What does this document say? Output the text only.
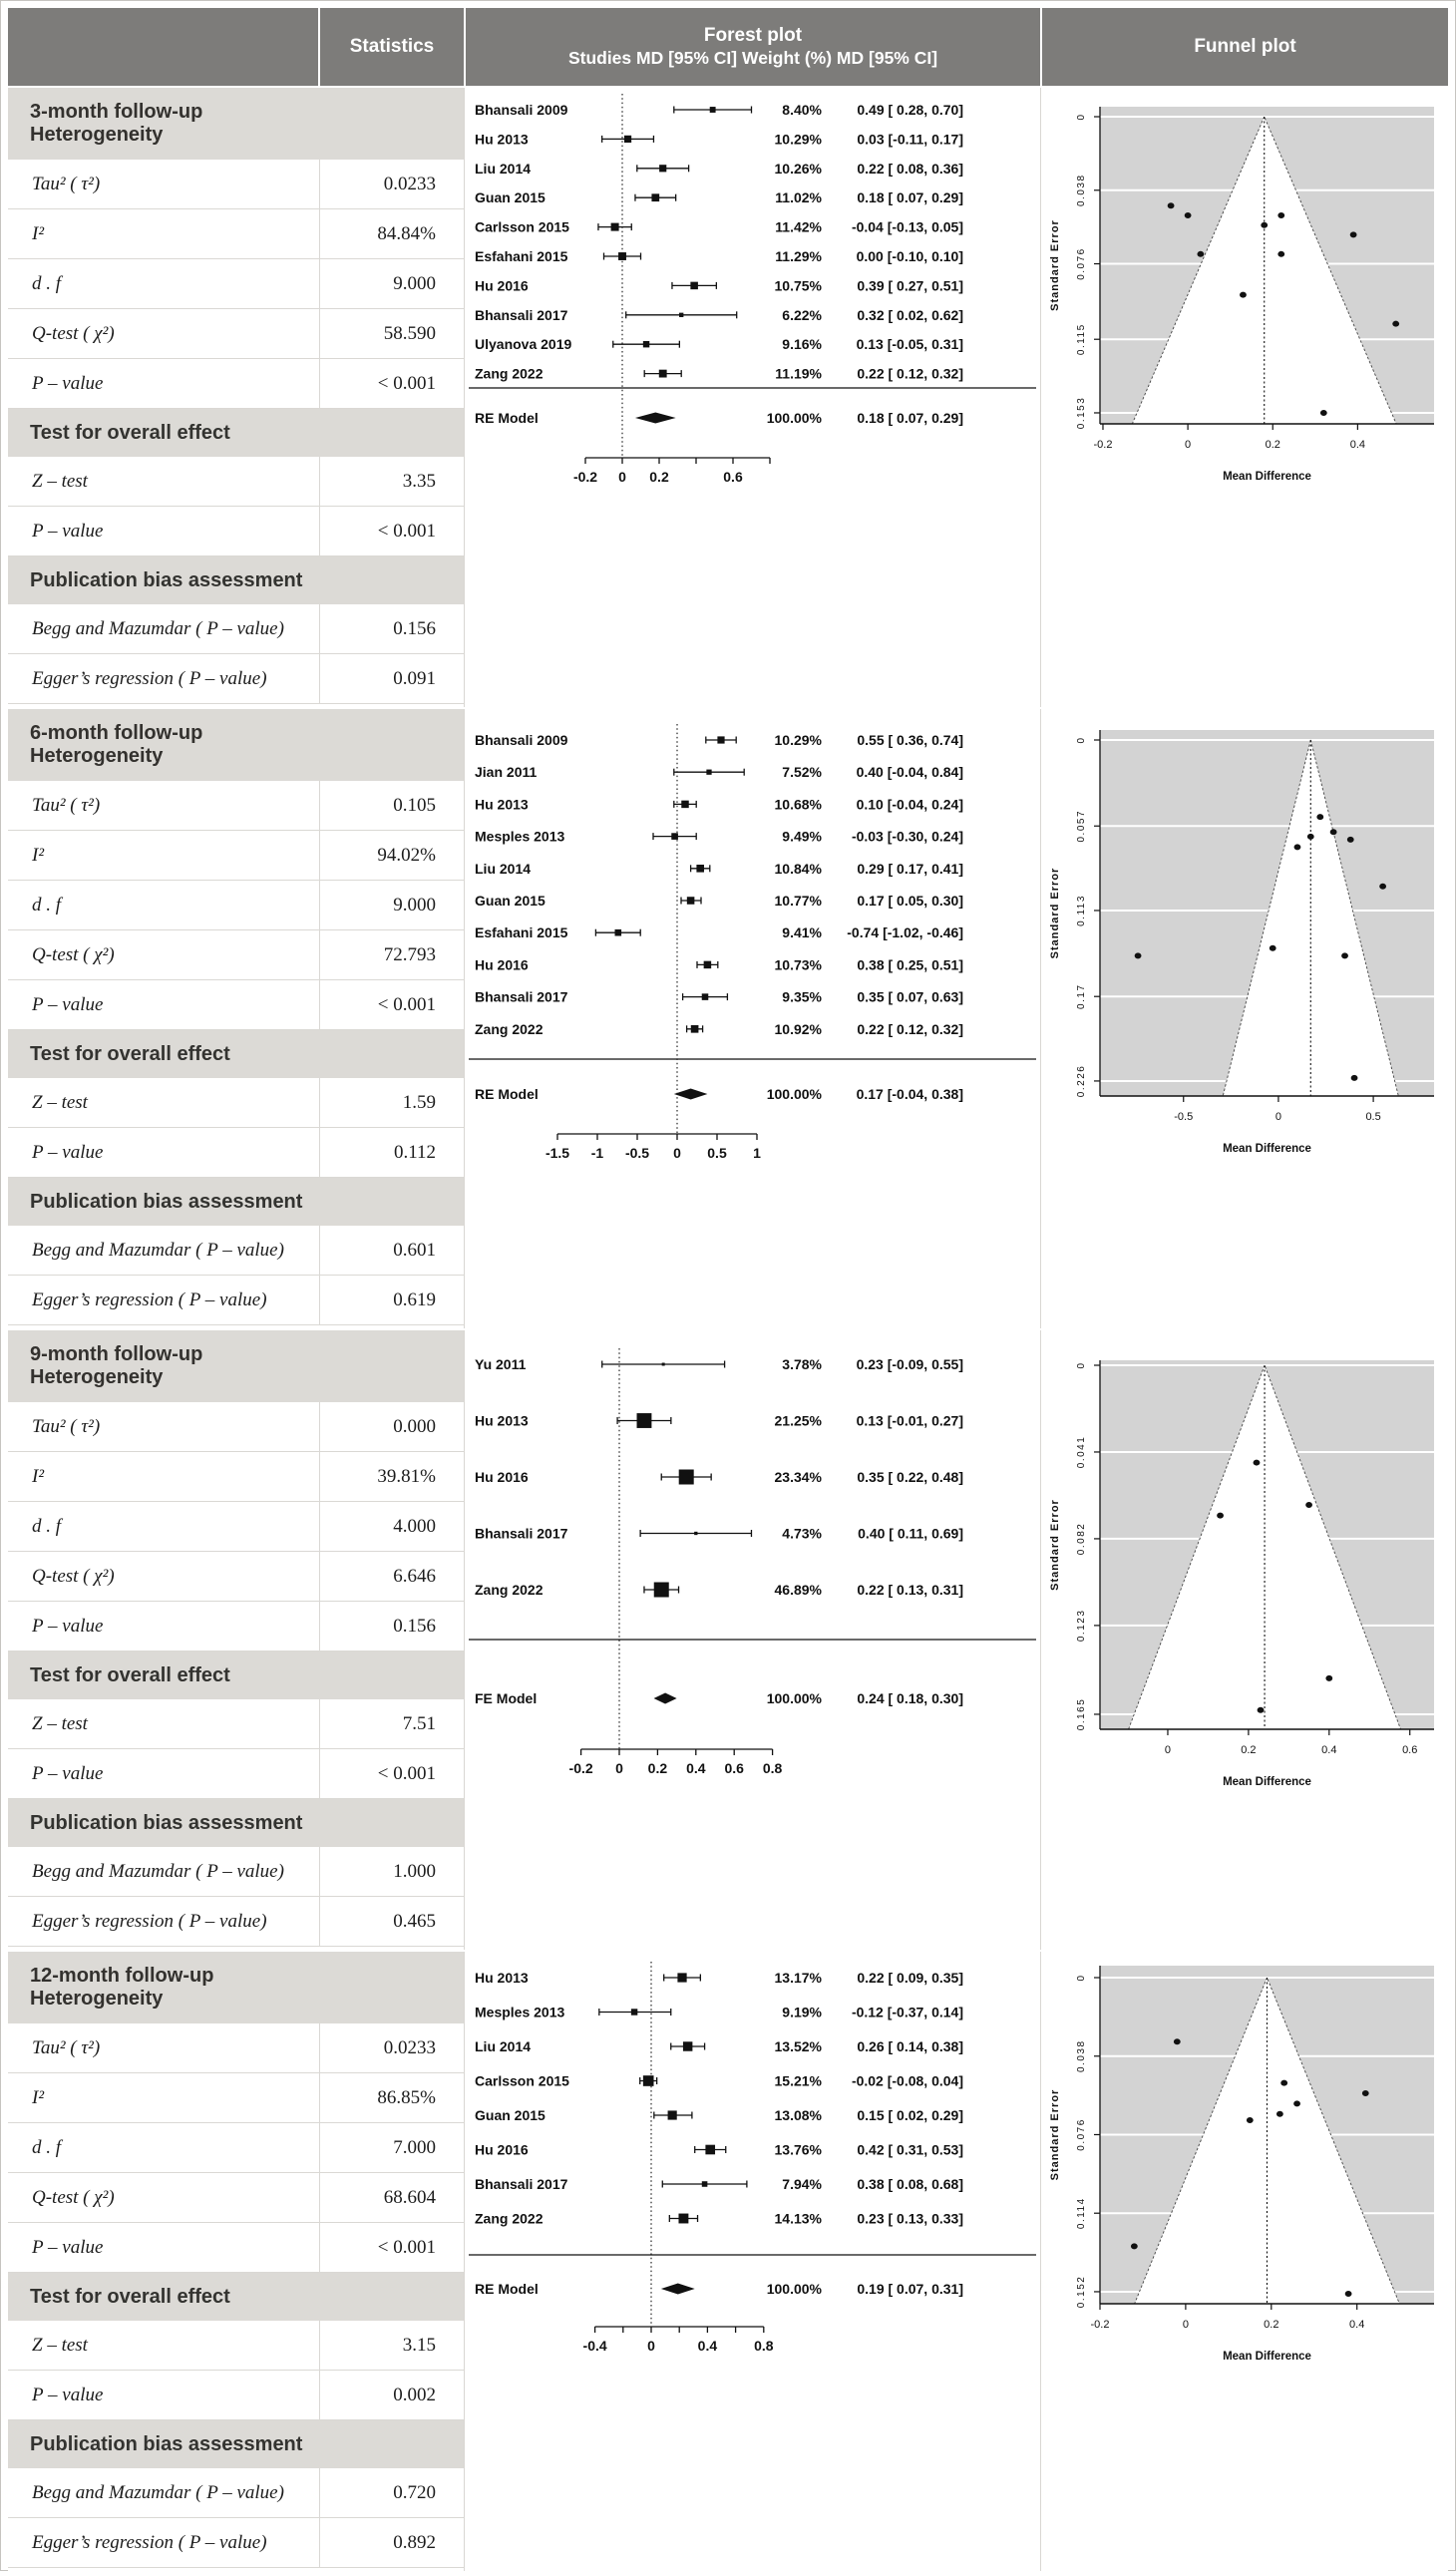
Statistics
Forest plot
Studies MD [95% CI] Weight (%) MD [95% CI]
Funnel plot
3-month follow-up
Heterogeneity
Tau² ( τ²)	0.0233
I²	84.84%
d . f	9.000
Q-test ( χ²)	58.590
P – value	< 0.001
Test for overall effect
Z – test	3.35
P – value	< 0.001
Publication bias assessment
Begg and Mazumdar ( P – value)	0.156
Egger’s regression ( P – value)	0.091
Bhansali 2009	8.40%	0.49 [ 0.28, 0.70]
Hu 2013	10.29%	0.03 [-0.11, 0.17]
Liu 2014	10.26%	0.22 [ 0.08, 0.36]
Guan 2015	11.02%	0.18 [ 0.07, 0.29]
Carlsson 2015	11.42% -0.04 [-0.13, 0.05]
Esfahani 2015	11.29% 0.00 [-0.10, 0.10]
Hu 2016	10.75%	0.39 [ 0.27, 0.51]
Bhansali 2017	6.22%	0.32 [ 0.02, 0.62]
Ulyanova 2019	9.16% 0.13 [-0.05, 0.31]
Zang 2022	11.19%	0.22 [ 0.12, 0.32]
RE Model	100.00%	0.18 [ 0.07, 0.29]
-0.2 0 0.2	0.6
0
0.038
0.076
0.115
0.153
-0.2	0	0.2	0.4
Standard Error
Mean Difference
6-month follow-up
Heterogeneity
Tau² ( τ²)	0.105
I²	94.02%
d . f	9.000
Q-test ( χ²)	72.793
P – value	< 0.001
Test for overall effect
Z – test	1.59
P – value	0.112
Publication bias assessment
Begg and Mazumdar ( P – value)	0.601
Egger’s regression ( P – value)	0.619
Bhansali 2009	10.29%	0.55 [ 0.36, 0.74]
Jian 2011	7.52% 0.40 [-0.04, 0.84]
Hu 2013	10.68% 0.10 [-0.04, 0.24]
Mesples 2013	9.49% -0.03 [-0.30, 0.24]
Liu 2014	10.84%	0.29 [ 0.17, 0.41]
Guan 2015	10.77%	0.17 [ 0.05, 0.30]
Esfahani 2015	9.41% -0.74 [-1.02, -0.46]
Hu 2016	10.73%	0.38 [ 0.25, 0.51]
Bhansali 2017	9.35%	0.35 [ 0.07, 0.63]
Zang 2022	10.92%	0.22 [ 0.12, 0.32]
RE Model	100.00% 0.17 [-0.04, 0.38]
-1.5 -1 -0.5 0 0.5 1
0
0.057
0.113
0.17
0.226
-0.5	0	0.5
Standard Error
Mean Difference
9-month follow-up
Heterogeneity
Tau² ( τ²)	0.000
I²	39.81%
d . f	4.000
Q-test ( χ²)	6.646
P – value	0.156
Test for overall effect
Z – test	7.51
P – value	< 0.001
Publication bias assessment
Begg and Mazumdar ( P – value)	1.000
Egger’s regression ( P – value)	0.465
Yu 2011	3.78% 0.23 [-0.09, 0.55]
Hu 2013	21.25% 0.13 [-0.01, 0.27]
Hu 2016	23.34%	0.35 [ 0.22, 0.48]
Bhansali 2017	4.73%	0.40 [ 0.11, 0.69]
Zang 2022	46.89%	0.22 [ 0.13, 0.31]
FE Model	100.00%	0.24 [ 0.18, 0.30]
-0.2 0 0.2 0.4 0.6 0.8
0
0.041
0.082
0.123
0.165
0	0.2	0.4	0.6
Standard Error
Mean Difference
12-month follow-up
Heterogeneity
Tau² ( τ²)	0.0233
I²	86.85%
d . f	7.000
Q-test ( χ²)	68.604
P – value	< 0.001
Test for overall effect
Z – test	3.15
P – value	0.002
Publication bias assessment
Begg and Mazumdar ( P – value)	0.720
Egger’s regression ( P – value)	0.892
Hu 2013	13.17%	0.22 [ 0.09, 0.35]
Mesples 2013	9.19% -0.12 [-0.37, 0.14]
Liu 2014	13.52%	0.26 [ 0.14, 0.38]
Carlsson 2015	15.21% -0.02 [-0.08, 0.04]
Guan 2015	13.08%	0.15 [ 0.02, 0.29]
Hu 2016	13.76%	0.42 [ 0.31, 0.53]
Bhansali 2017	7.94%	0.38 [ 0.08, 0.68]
Zang 2022	14.13%	0.23 [ 0.13, 0.33]
RE Model	100.00%	0.19 [ 0.07, 0.31]
-0.4	0	0.4	0.8
0
0.038
0.076
0.114
0.152
-0.2	0	0.2	0.4
Standard Error
Mean Difference
